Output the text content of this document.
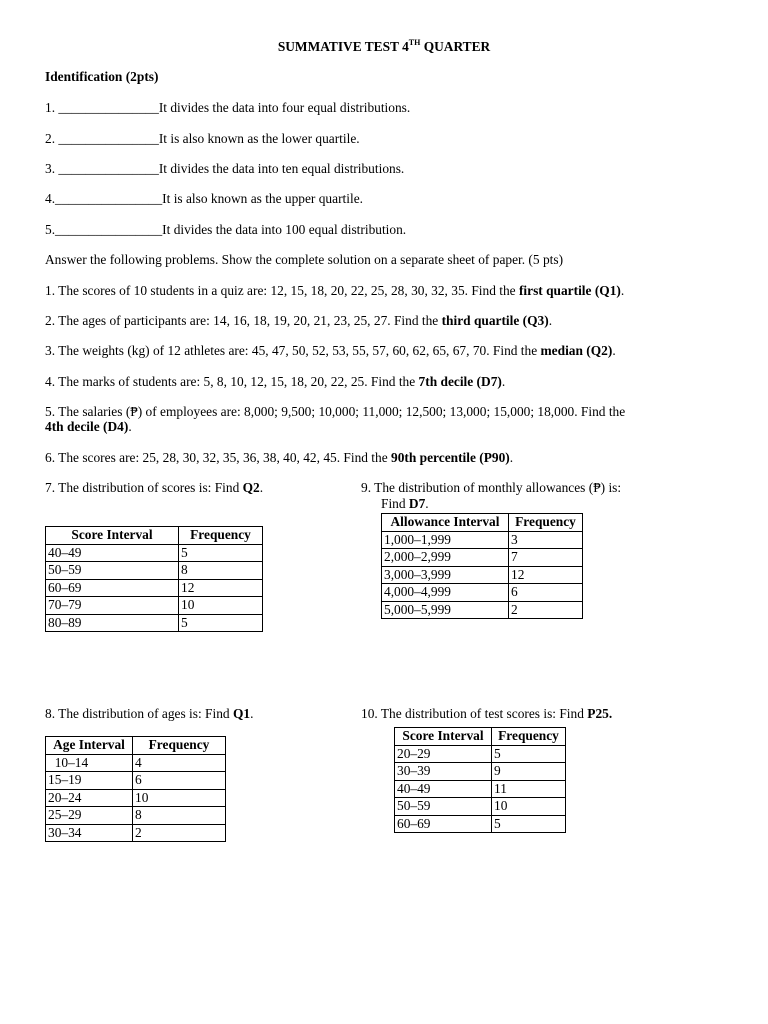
SUMMATIVE TEST 4TH QUARTER
Identification (2pts)
1. _______________It divides the data into four equal distributions.
2. _______________It is also known as the lower quartile.
3. _______________It divides the data into ten equal distributions.
4.________________It is also known as the upper quartile.
5.________________It divides the data into 100 equal distribution.
Answer the following problems. Show the complete solution on a separate sheet of paper. (5 pts)
1. The scores of 10 students in a quiz are: 12, 15, 18, 20, 22, 25, 28, 30, 32, 35. Find the first quartile (Q1).
2. The ages of participants are: 14, 16, 18, 19, 20, 21, 23, 25, 27. Find the third quartile (Q3).
3. The weights (kg) of 12 athletes are: 45, 47, 50, 52, 53, 55, 57, 60, 62, 65, 67, 70. Find the median (Q2).
4. The marks of students are: 5, 8, 10, 12, 15, 18, 20, 22, 25. Find the 7th decile (D7).
5. The salaries (₱) of employees are: 8,000; 9,500; 10,000; 11,000; 12,500; 13,000; 15,000; 18,000. Find the
4th decile (D4).
6. The scores are: 25, 28, 30, 32, 35, 36, 38, 40, 42, 45. Find the 90th percentile (P90).
7. The distribution of scores is: Find Q2.
Score Interval	Frequency
40–49	5
50–59	8
60–69	12
70–79	10
80–89	5
9. The distribution of monthly allowances (₱) is:
Find D7.
Allowance Interval	Frequency
1,000–1,999	3
2,000–2,999	7
3,000–3,999	12
4,000–4,999	6
5,000–5,999	2
8. The distribution of ages is: Find Q1.
Age Interval	Frequency
10–14	4
15–19	6
20–24	10
25–29	8
30–34	2
10. The distribution of test scores is: Find P25.
Score Interval	Frequency
20–29	5
30–39	9
40–49	11
50–59	10
60–69	5
